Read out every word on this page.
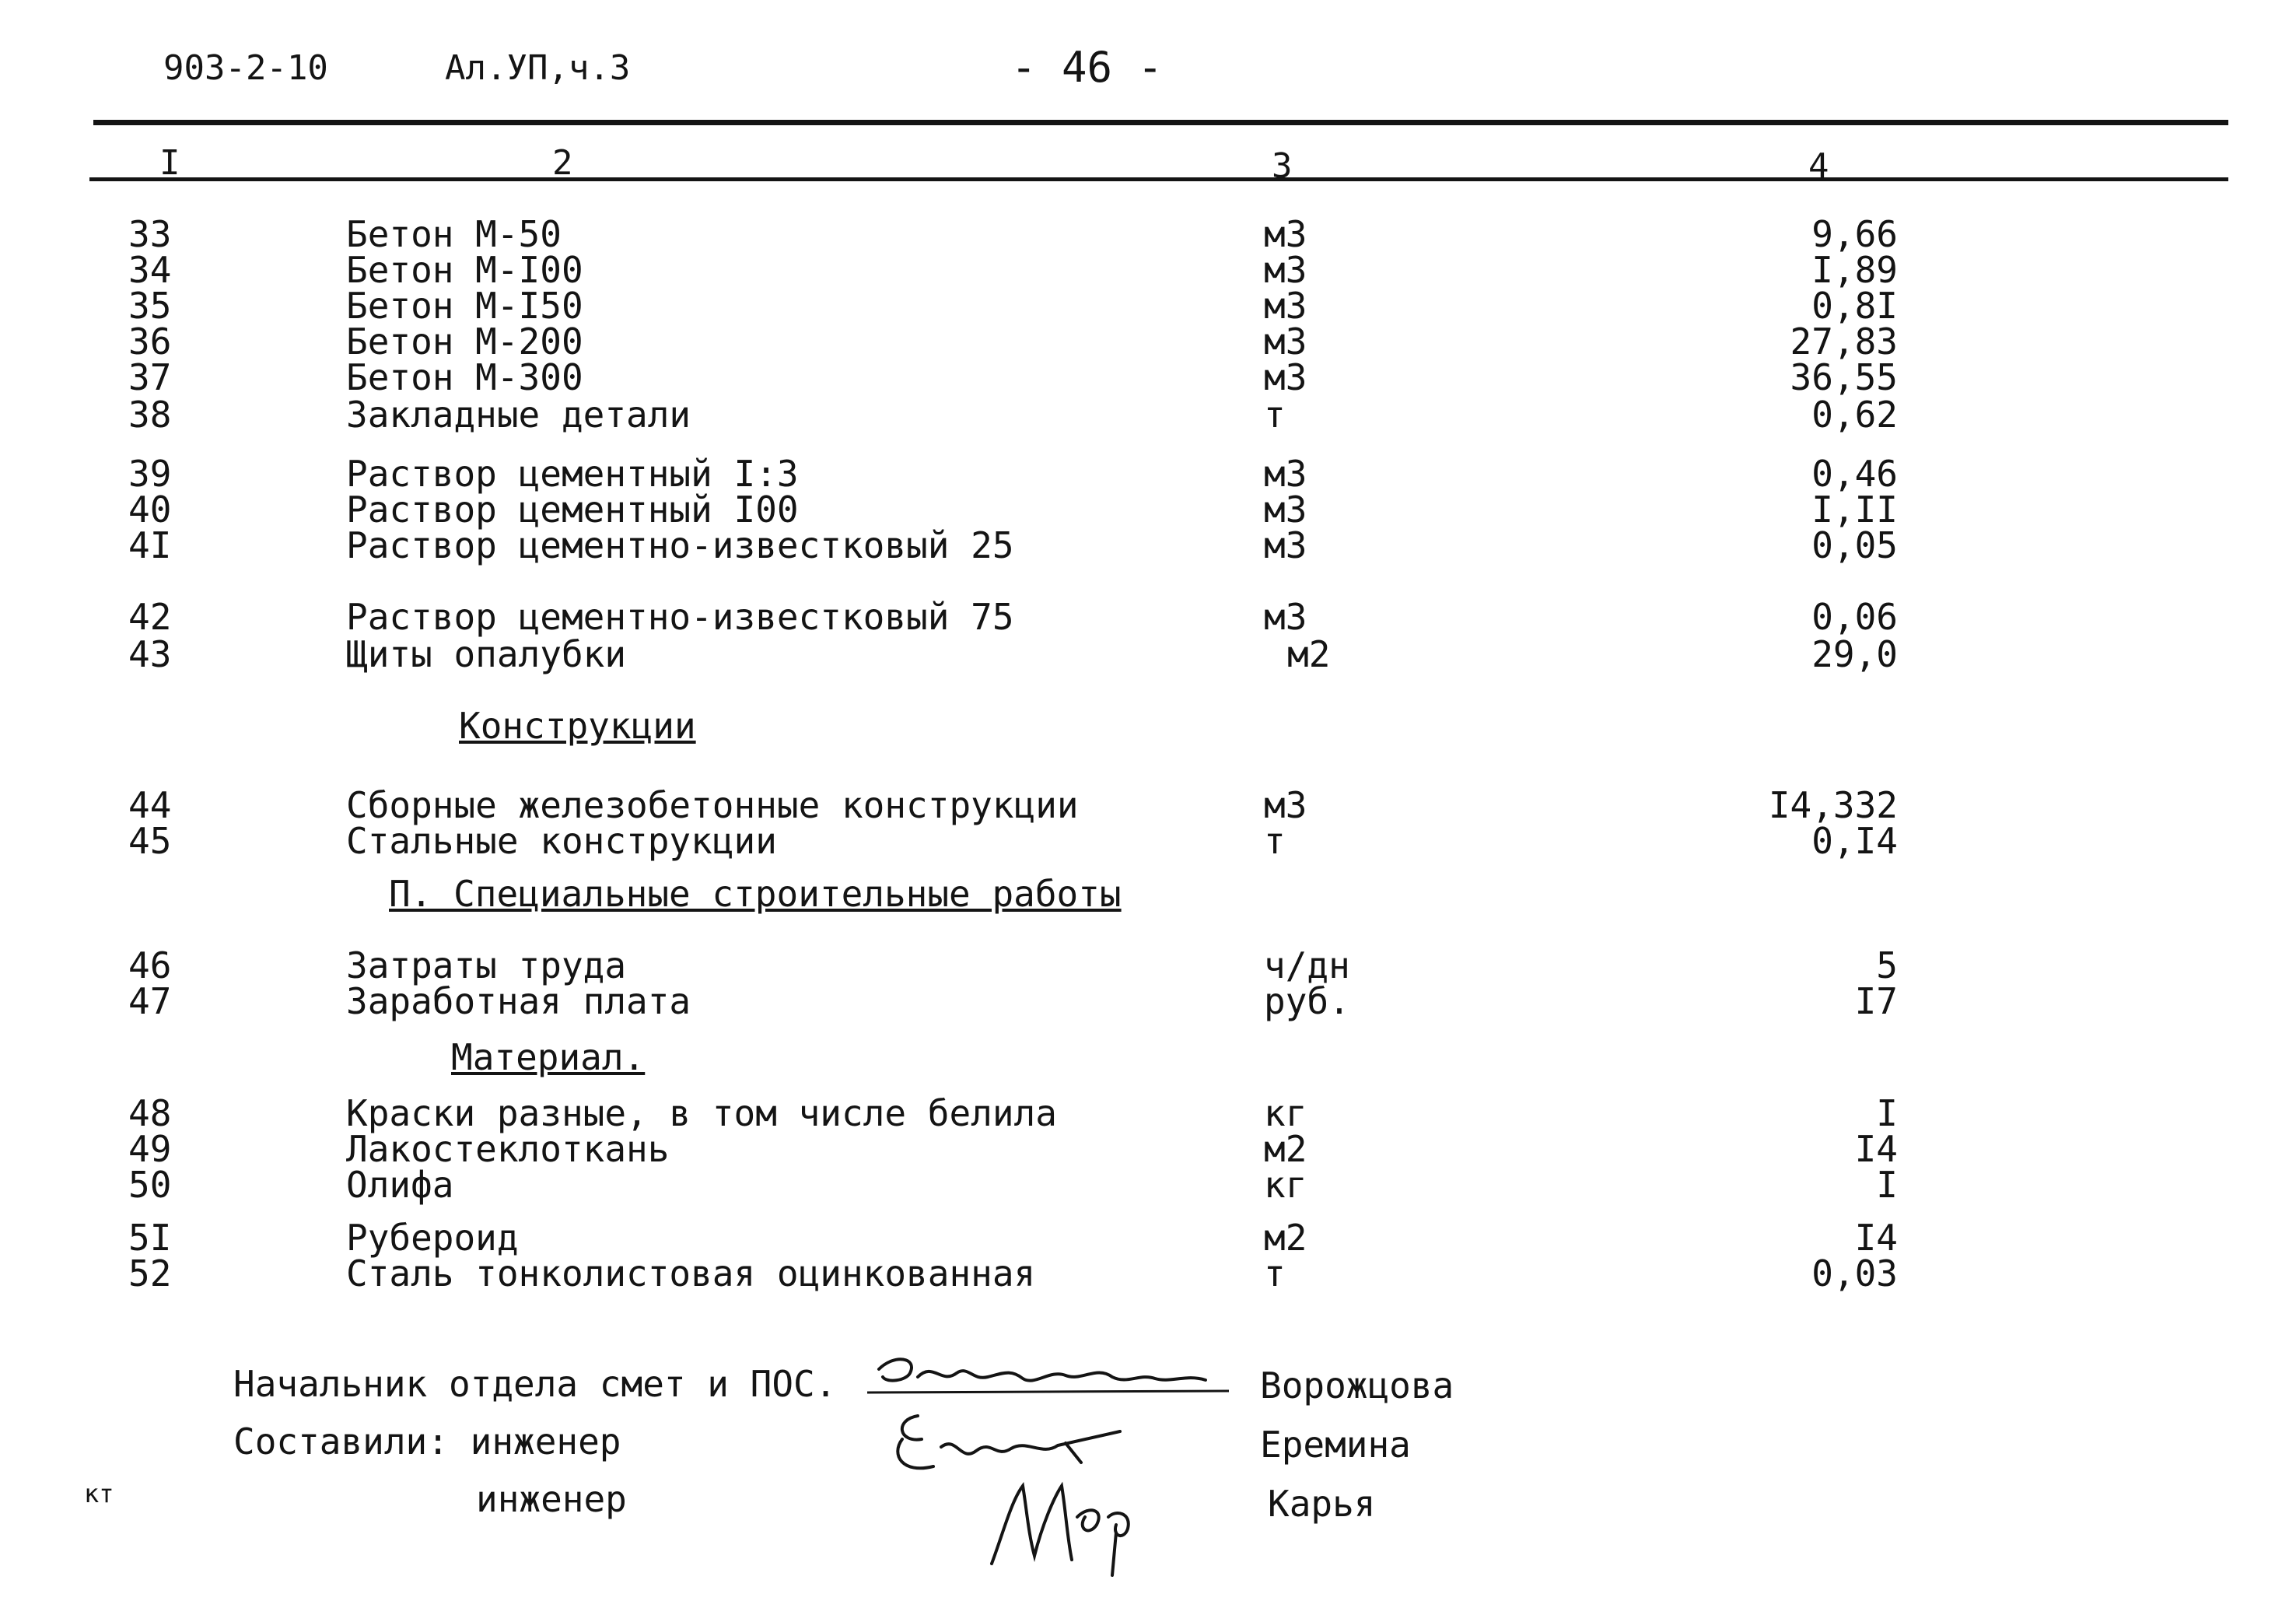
903-2-10	Ал.УП,ч.3	- 46 -
I	2	3	4
33	Бетон М-50	м3	9,66
34	Бетон М-I00	м3	I,89
35	Бетон М-I50	м3	0,8I
36	Бетон М-200	м3	27,83
37	Бетон М-300	м3	36,55
38	Закладные детали	т	0,62
39	Раствор цементный I:3	м3	0,46
40	Раствор цементный I00	м3	I,II
4I	Раствор цементно-известковый 25	м3	0,05
42	Раствор цементно-известковый 75	м3	0,06
43	Щиты опалубки	м2	29,0
44	Сборные железобетонные конструкции	м3	I4,332
45	Стальные конструкции	т	0,I4
46	Затраты труда	ч/дн	5
47	Заработная плата	руб.	I7
48	Краски разные, в том числе белила	кг	I
49	Лакостеклоткань	м2	I4
50	Олифа	кг	I
5I	Рубероид	м2	I4
52	Сталь тонколистовая оцинкованная	т	0,03
Конструкции
П. Специальные строительные работы
Материал.
Начальник отдела смет и ПОС.	Ворожцова
Составили: инженер	Еремина
кт	инженер	Карья
